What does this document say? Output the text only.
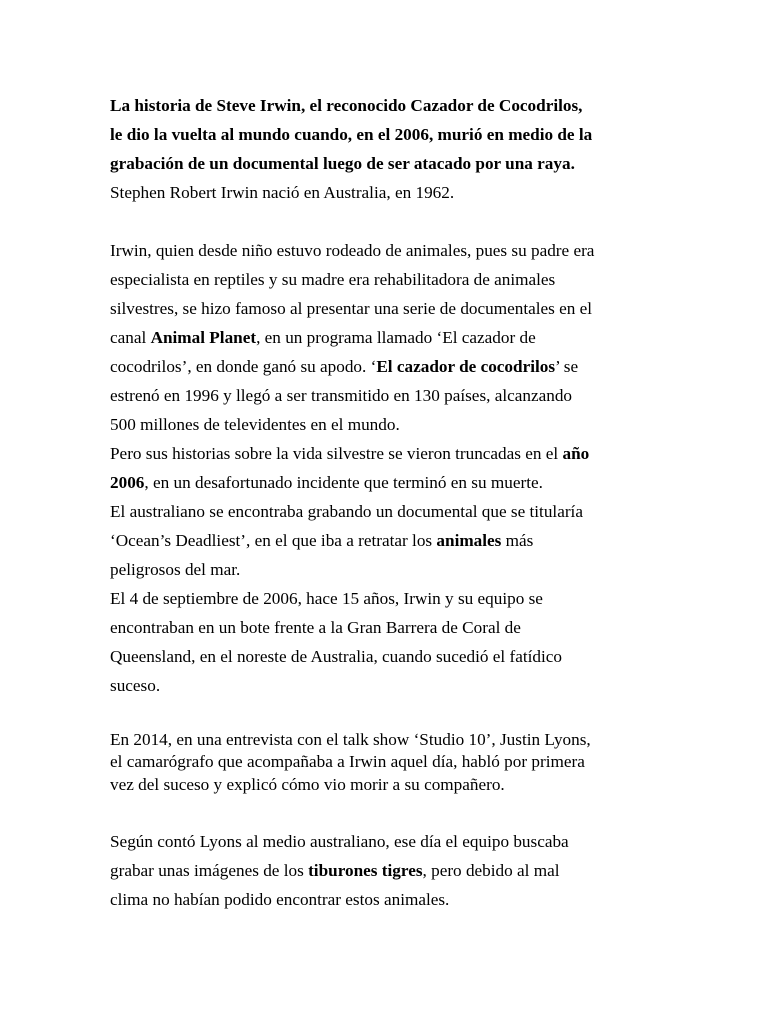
La historia de Steve Irwin, el reconocido Cazador de Cocodrilos,
le dio la vuelta al mundo cuando, en el 2006, murió en medio de la
grabación de un documental luego de ser atacado por una raya.
Stephen Robert Irwin nació en Australia, en 1962.
Irwin, quien desde niño estuvo rodeado de animales, pues su padre era
especialista en reptiles y su madre era rehabilitadora de animales
silvestres, se hizo famoso al presentar una serie de documentales en el
canal Animal Planet, en un programa llamado ‘El cazador de
cocodrilos’, en donde ganó su apodo. ‘El cazador de cocodrilos’ se
estrenó en 1996 y llegó a ser transmitido en 130 países, alcanzando
500 millones de televidentes en el mundo.
Pero sus historias sobre la vida silvestre se vieron truncadas en el año
2006, en un desafortunado incidente que terminó en su muerte.
El australiano se encontraba grabando un documental que se titularía
‘Ocean’s Deadliest’, en el que iba a retratar los animales más
peligrosos del mar.
El 4 de septiembre de 2006, hace 15 años, Irwin y su equipo se
encontraban en un bote frente a la Gran Barrera de Coral de
Queensland, en el noreste de Australia, cuando sucedió el fatídico
suceso.
En 2014, en una entrevista con el talk show ‘Studio 10’, Justin Lyons,
el camarógrafo que acompañaba a Irwin aquel día, habló por primera
vez del suceso y explicó cómo vio morir a su compañero.
Según contó Lyons al medio australiano, ese día el equipo buscaba
grabar unas imágenes de los tiburones tigres, pero debido al mal
clima no habían podido encontrar estos animales.
